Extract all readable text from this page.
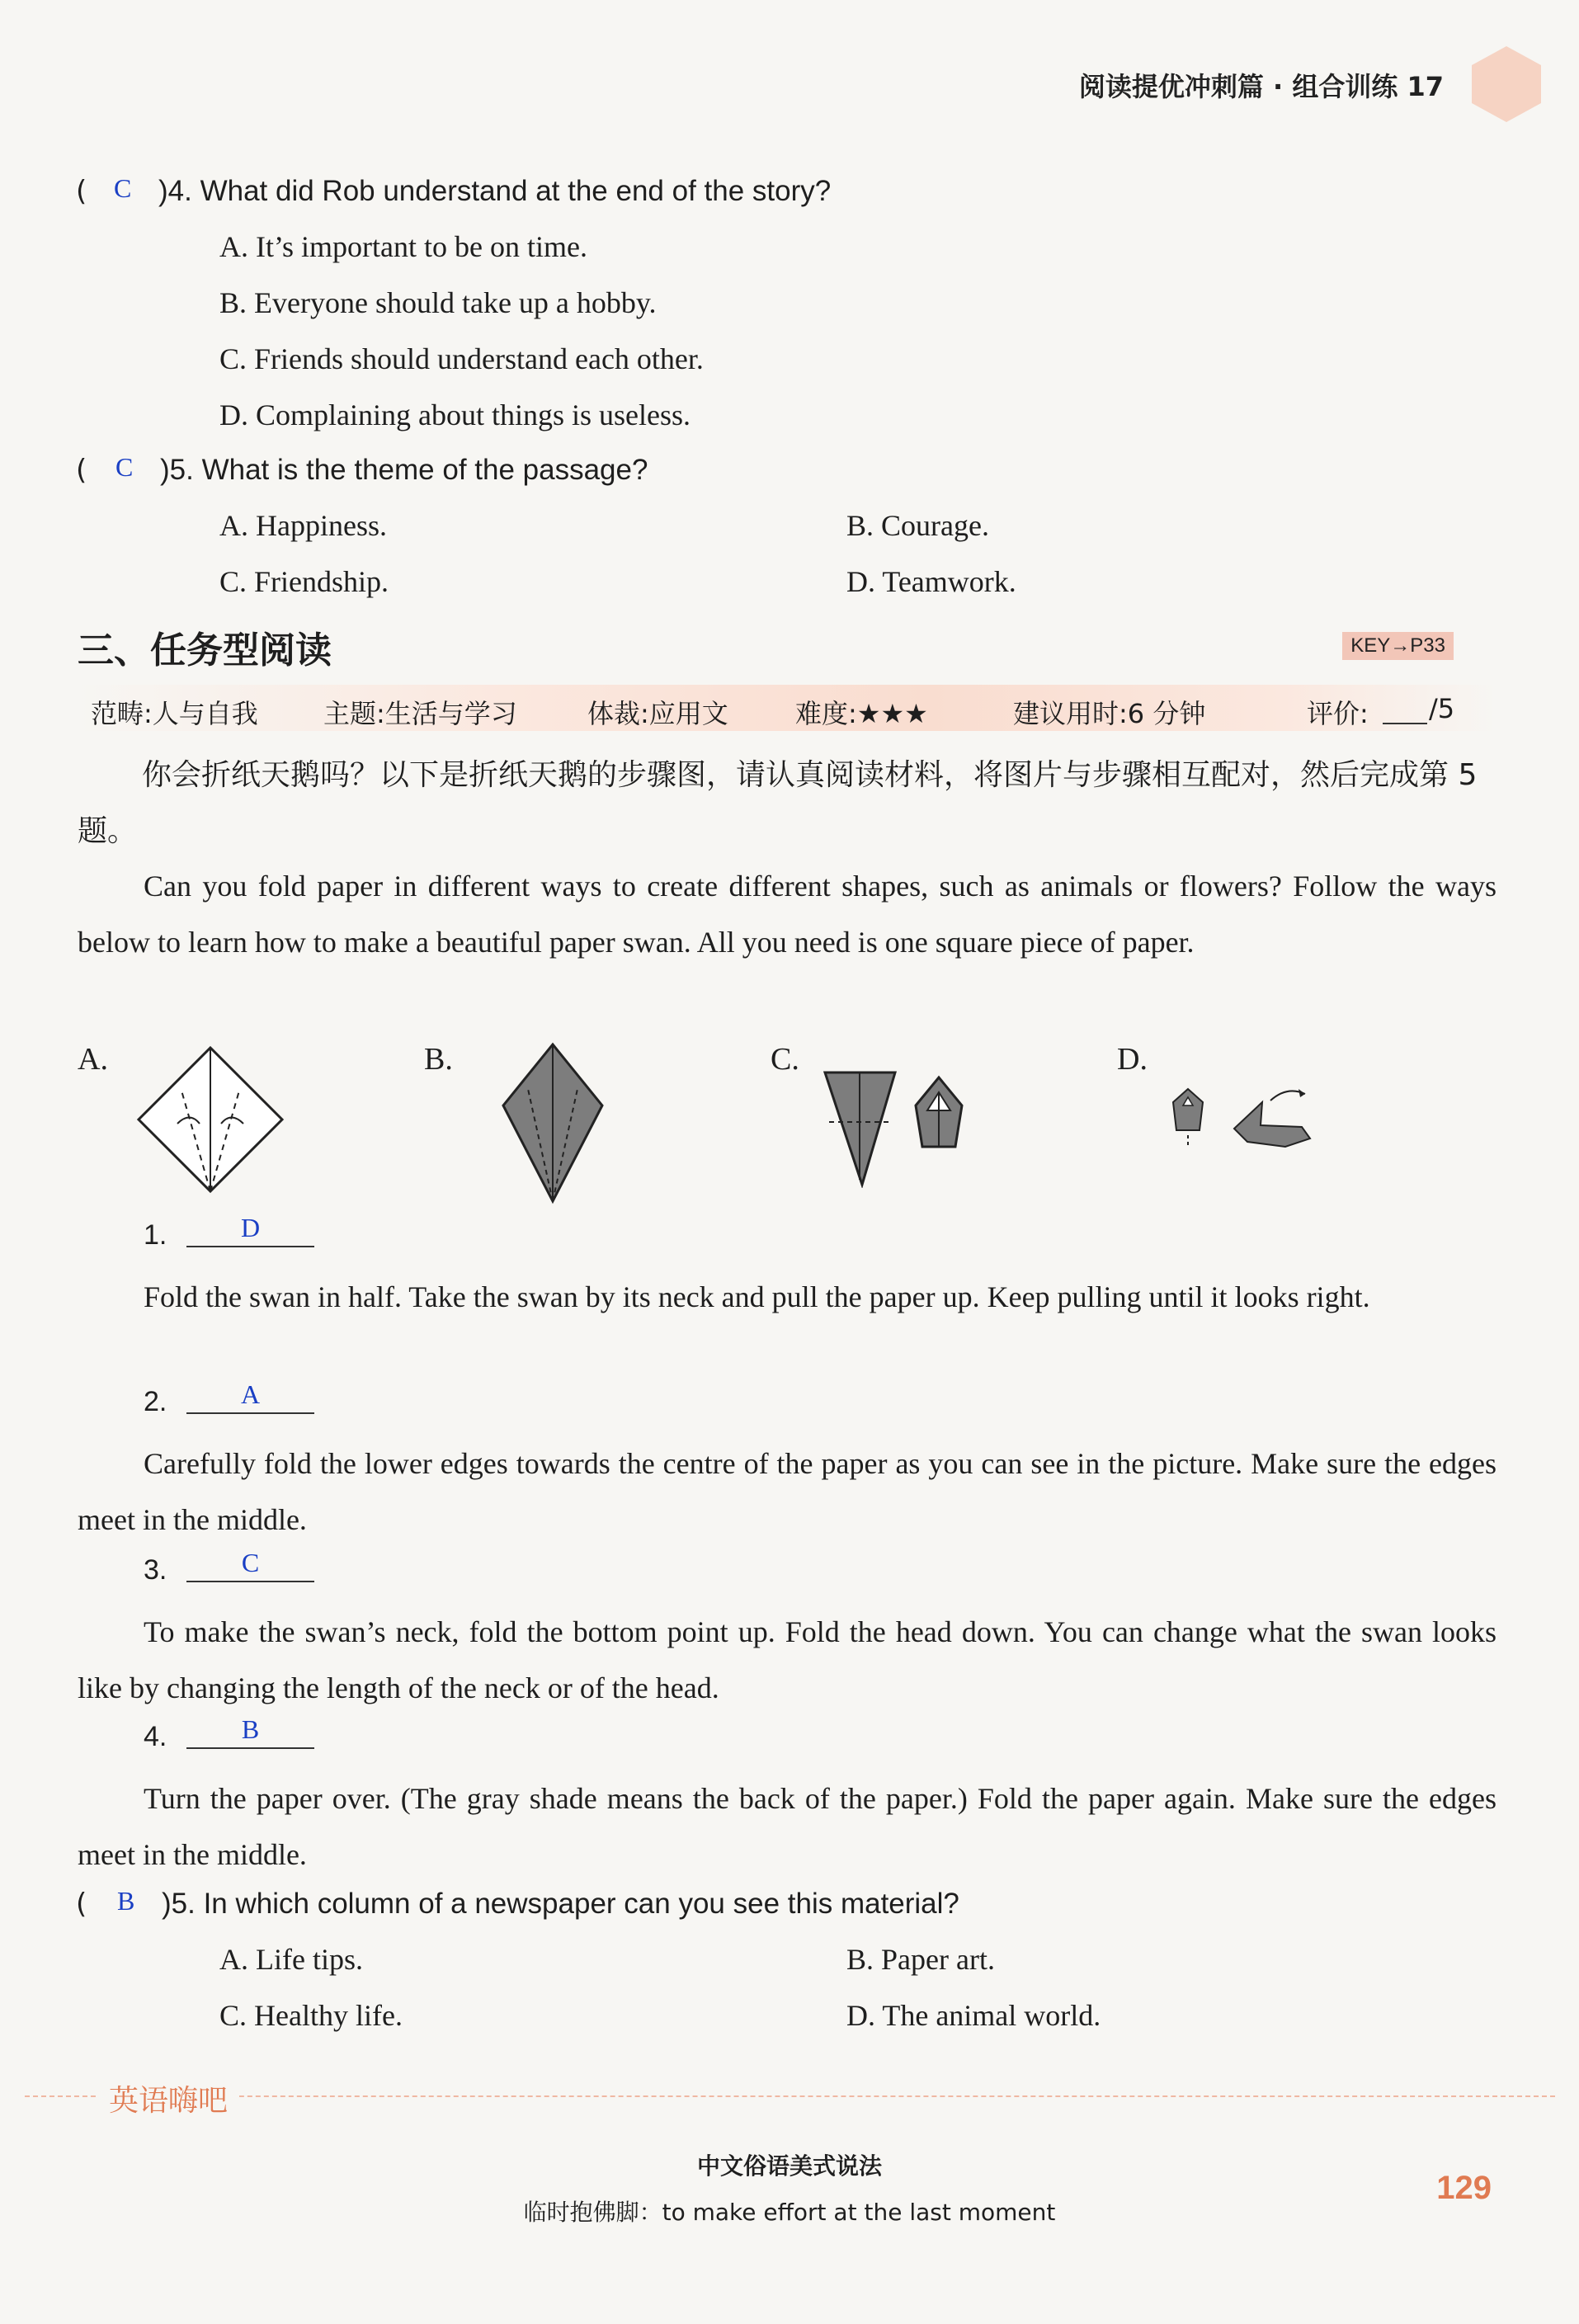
阅读提优冲刺篇 · 组合训练 17
( C )4. What did Rob understand at the end of the story?
A. It’s important to be on time.
B. Everyone should take up a hobby.
C. Friends should understand each other.
D. Complaining about things is useless.
( C )5. What is the theme of the passage?
A. Happiness.	B. Courage.
C. Friendship.	D. Teamwork.
三、任务型阅读	KEY→P33
范畴:人与自我 主题:生活与学习	体裁:应用文	难度:★★★	建议用时:6 分钟	评价: /5
你会折纸天鹅吗？以下是折纸天鹅的步骤图，请认真阅读材料，将图片与步骤相互配对，然后完成第 5 题。
Can you fold paper in different ways to create different shapes, such as animals or flowers? Follow the ways below to learn how to make a beautiful paper swan. All you need is one square piece of paper.
A.	B.	C.	D.
1.	D
Fold the swan in half. Take the swan by its neck and pull the paper up. Keep pulling until it looks right.
2.	A
Carefully fold the lower edges towards the centre of the paper as you can see in the picture. Make sure the edges meet in the middle.
3.	C
To make the swan’s neck, fold the bottom point up. Fold the head down. You can change what the swan looks like by changing the length of the neck or of the head.
4.	B
Turn the paper over. (The gray shade means the back of the paper.) Fold the paper again. Make sure the edges meet in the middle.
( B )5. In which column of a newspaper can you see this material?
A. Life tips.	B. Paper art.
C. Healthy life.	D. The animal world.
英语嗨吧
中文俗语美式说法
临时抱佛脚：to make effort at the last moment
129
